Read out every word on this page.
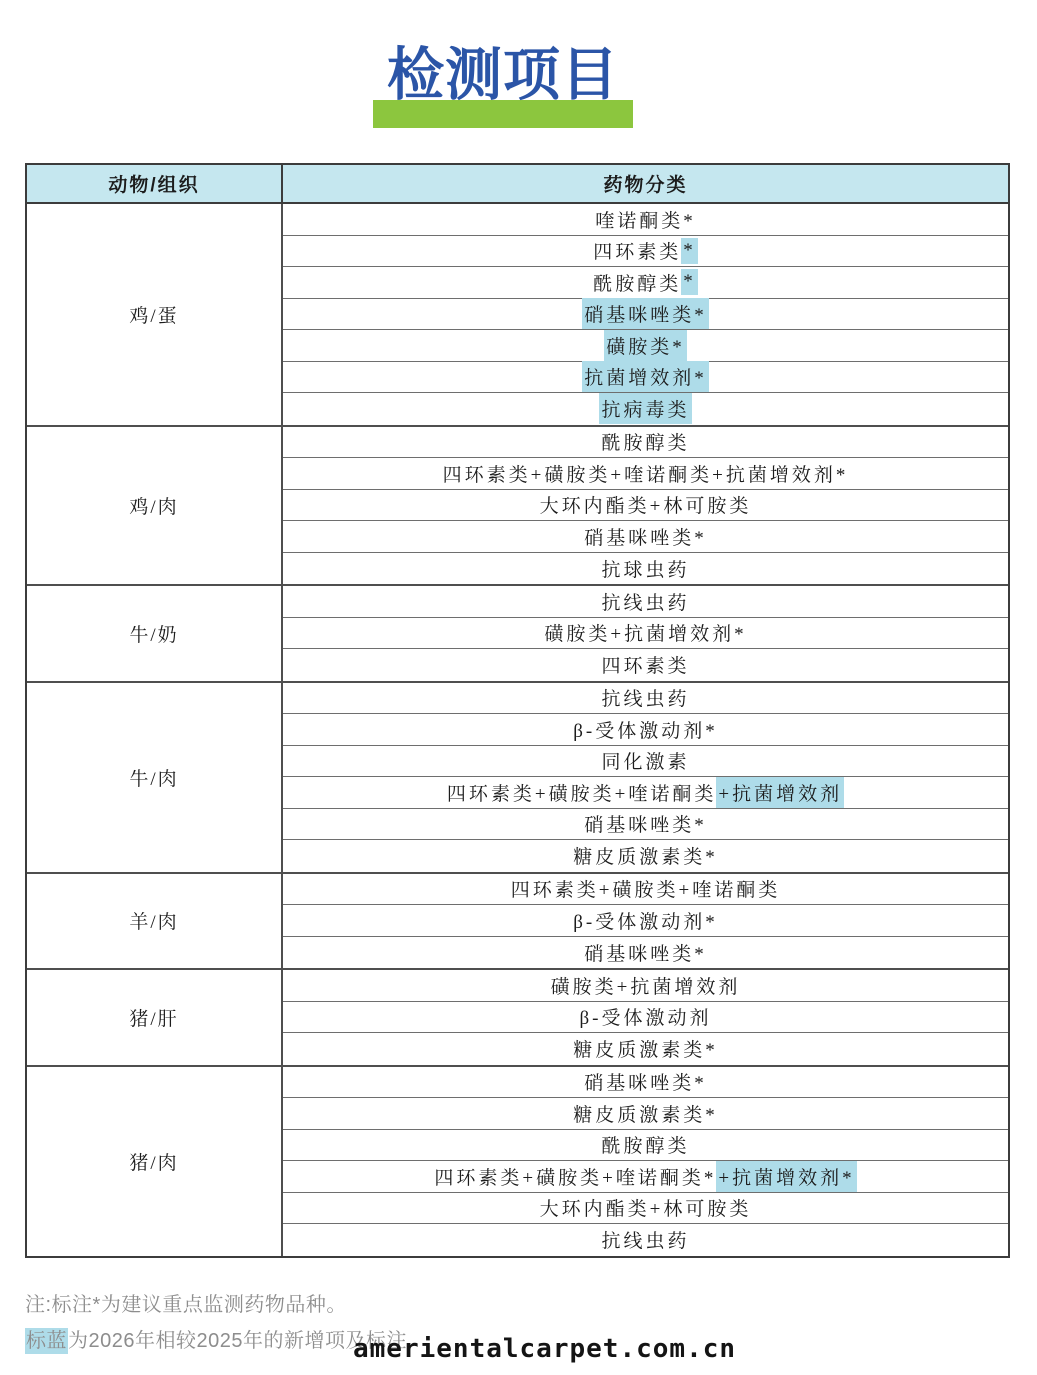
检测项目
动物/组织	药物分类
鸡/蛋
喹诺酮类*
四环素类 *
酰胺醇类 *
硝基咪唑类*
磺胺类*
抗菌增效剂*
抗病毒类
鸡/肉
酰胺醇类
四环素类+磺胺类+喹诺酮类+抗菌增效剂*
大环内酯类+林可胺类
硝基咪唑类*
抗球虫药
牛/奶
抗线虫药
磺胺类+抗菌增效剂*
四环素类
牛/肉
抗线虫药
β-受体激动剂*
同化激素
四环素类+磺胺类+喹诺酮类 +抗菌增效剂
硝基咪唑类*
糖皮质激素类*
羊/肉
四环素类+磺胺类+喹诺酮类
β-受体激动剂*
硝基咪唑类*
猪/肝
磺胺类+抗菌增效剂
β-受体激动剂
糖皮质激素类*
猪/肉
硝基咪唑类*
糖皮质激素类*
酰胺醇类
四环素类+磺胺类+喹诺酮类* +抗菌增效剂*
大环内酯类+林可胺类
抗线虫药
注:标注*为建议重点监测药物品种。
标蓝为2026年相较2025年的新增项及标注
amerientalcarpet.com.cn
